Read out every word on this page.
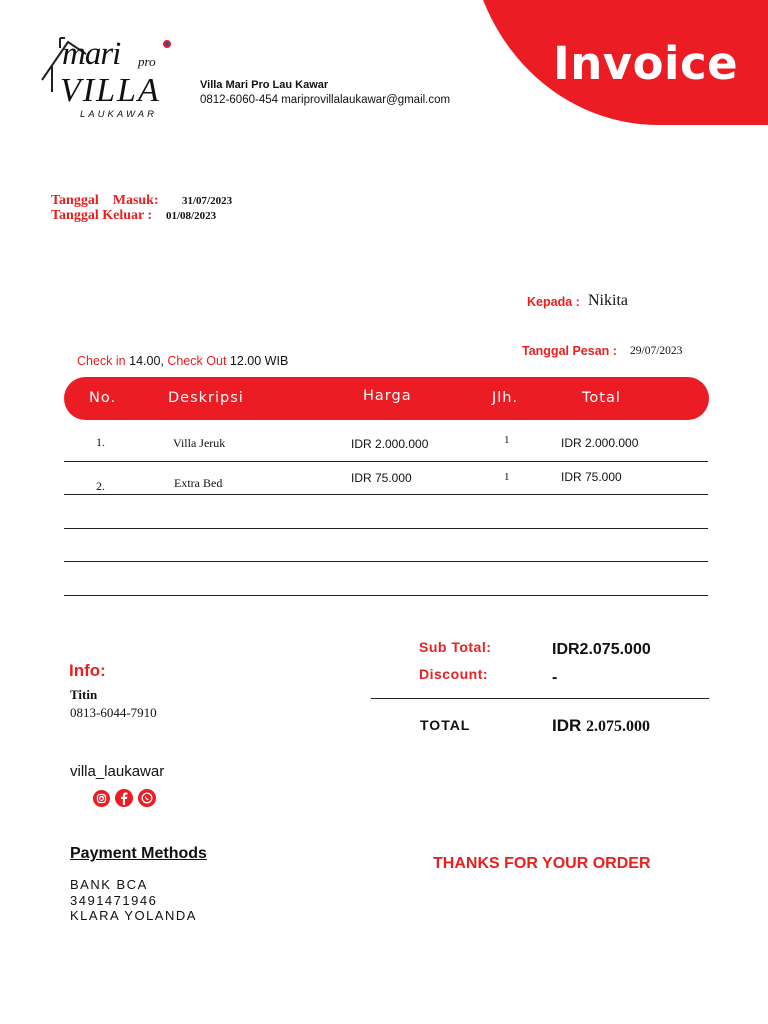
Invoice
mari pro
VILLA
LAUKAWAR
Villa Mari Pro Lau Kawar
0812-6060-454 mariprovillalaukawar@gmail.com
Tanggal    Masuk: 31/07/2023
Tanggal Keluar : 01/08/2023
Kepada : Nikita
Tanggal Pesan : 29/07/2023
Check in 14.00, Check Out 12.00 WIB
No.	Deskripsi	Harga	Jlh.	Total
1.	Villa Jeruk	IDR 2.000.000	1	IDR 2.000.000
2.	Extra Bed	IDR 75.000	1	IDR 75.000
Sub Total:	IDR2.075.000
Discount:	-
TOTAL	IDR 2.075.000
Info:
Titin
0813-6044-7910
villa_laukawar
Payment Methods
BANK BCA
3491471946
KLARA YOLANDA
THANKS FOR YOUR ORDER
